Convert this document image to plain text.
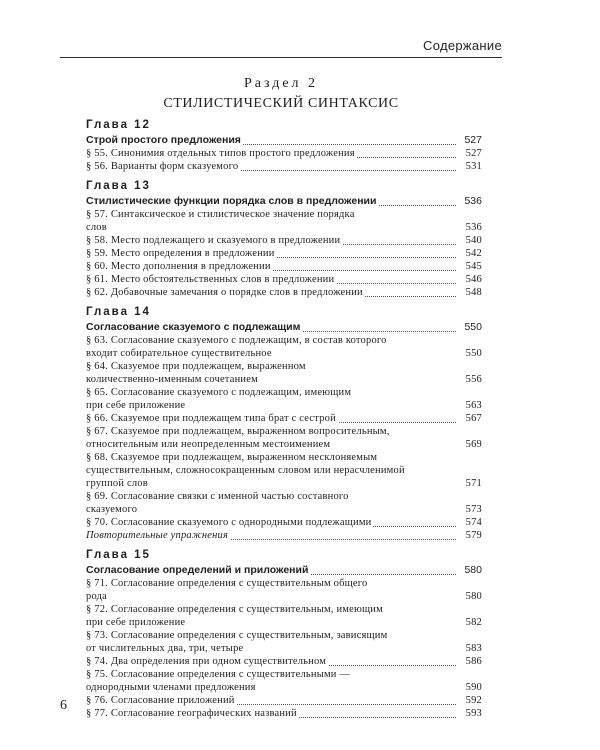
Содержание
Раздел 2
СТИЛИСТИЧЕСКИЙ СИНТАКСИС
Глава 12
Строй простого предложения	527
§ 55. Синонимия отдельных типов простого предложения	527
§ 56. Варианты форм сказуемого	531
Глава 13
Стилистические функции порядка слов в предложении	536
§ 57. Синтаксическое и стилистическое значение порядка
слов	536
§ 58. Место подлежащего и сказуемого в предложении	540
§ 59. Место определения в предложении	542
§ 60. Место дополнения в предложении	545
§ 61. Место обстоятельственных слов в предложении	546
§ 62. Добавочные замечания о порядке слов в предложении	548
Глава 14
Согласование сказуемого с подлежащим	550
§ 63. Согласование сказуемого с подлежащим, в состав которого
входит собирательное существительное	550
§ 64. Сказуемое при подлежащем, выраженном
количественно-именным сочетанием	556
§ 65. Согласование сказуемого с подлежащим, имеющим
при себе приложение	563
§ 66. Сказуемое при подлежащем типа брат с сестрой	567
§ 67. Сказуемое при подлежащем, выраженном вопросительным,
относительным или неопределенным местоимением	569
§ 68. Сказуемое при подлежащем, выраженном несклоняемым
существительным, сложносокращенным словом или нерасчленимой
группой слов	571
§ 69. Согласование связки с именной частью составного
сказуемого	573
§ 70. Согласование сказуемого с однородными подлежащими	574
Повторительные упражнения	579
Глава 15
Согласование определений и приложений	580
§ 71. Согласование определения с существительным общего
рода	580
§ 72. Согласование определения с существительным, имеющим
при себе приложение	582
§ 73. Согласование определения с существительным, зависящим
от числительных два, три, четыре	583
§ 74. Два определения при одном существительном	586
§ 75. Согласование определения с существительными —
однородными членами предложения	590
§ 76. Согласование приложений	592
§ 77. Согласование географических названий	593
6
